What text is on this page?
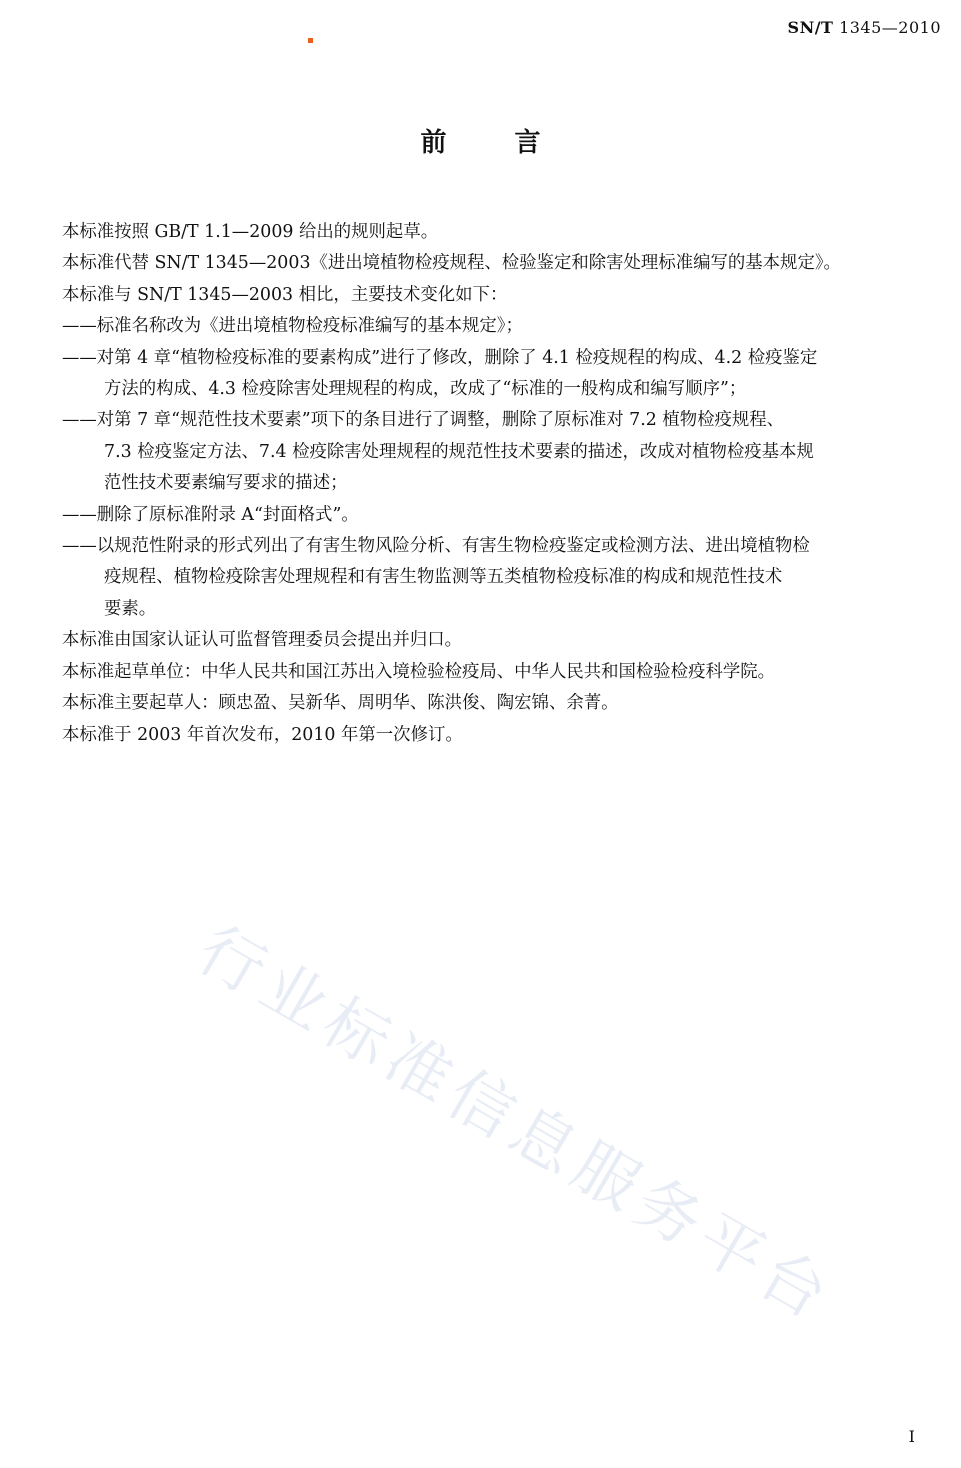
SN/T 1345—2010
前言

本标准按照 GB/T 1.1—2009 给出的规则起草。

本标准代替 SN/T 1345—2003《进出境植物检疫规程、检验鉴定和除害处理标准编写的基本规定》。

本标准与 SN/T 1345—2003 相比，主要技术变化如下：

——标准名称改为《进出境植物检疫标准编写的基本规定》；
——对第 4 章“植物检疫标准的要素构成”进行了修改，删除了 4.1 检疫规程的构成、4.2 检疫鉴定
方法的构成、4.3 检疫除害处理规程的构成，改成了“标准的一般构成和编写顺序”；
——对第 7 章“规范性技术要素”项下的条目进行了调整，删除了原标准对 7.2 植物检疫规程、
7.3 检疫鉴定方法、7.4 检疫除害处理规程的规范性技术要素的描述，改成对植物检疫基本规
范性技术要素编写要求的描述；
——删除了原标准附录 A“封面格式”。
——以规范性附录的形式列出了有害生物风险分析、有害生物检疫鉴定或检测方法、进出境植物检
疫规程、植物检疫除害处理规程和有害生物监测等五类植物检疫标准的构成和规范性技术
要素。

本标准由国家认证认可监督管理委员会提出并归口。

本标准起草单位：中华人民共和国江苏出入境检验检疫局、中华人民共和国检验检疫科学院。

本标准主要起草人：顾忠盈、吴新华、周明华、陈洪俊、陶宏锦、余菁。

本标准于 2003 年首次发布，2010 年第一次修订。

行业标准信息服务平台
I
